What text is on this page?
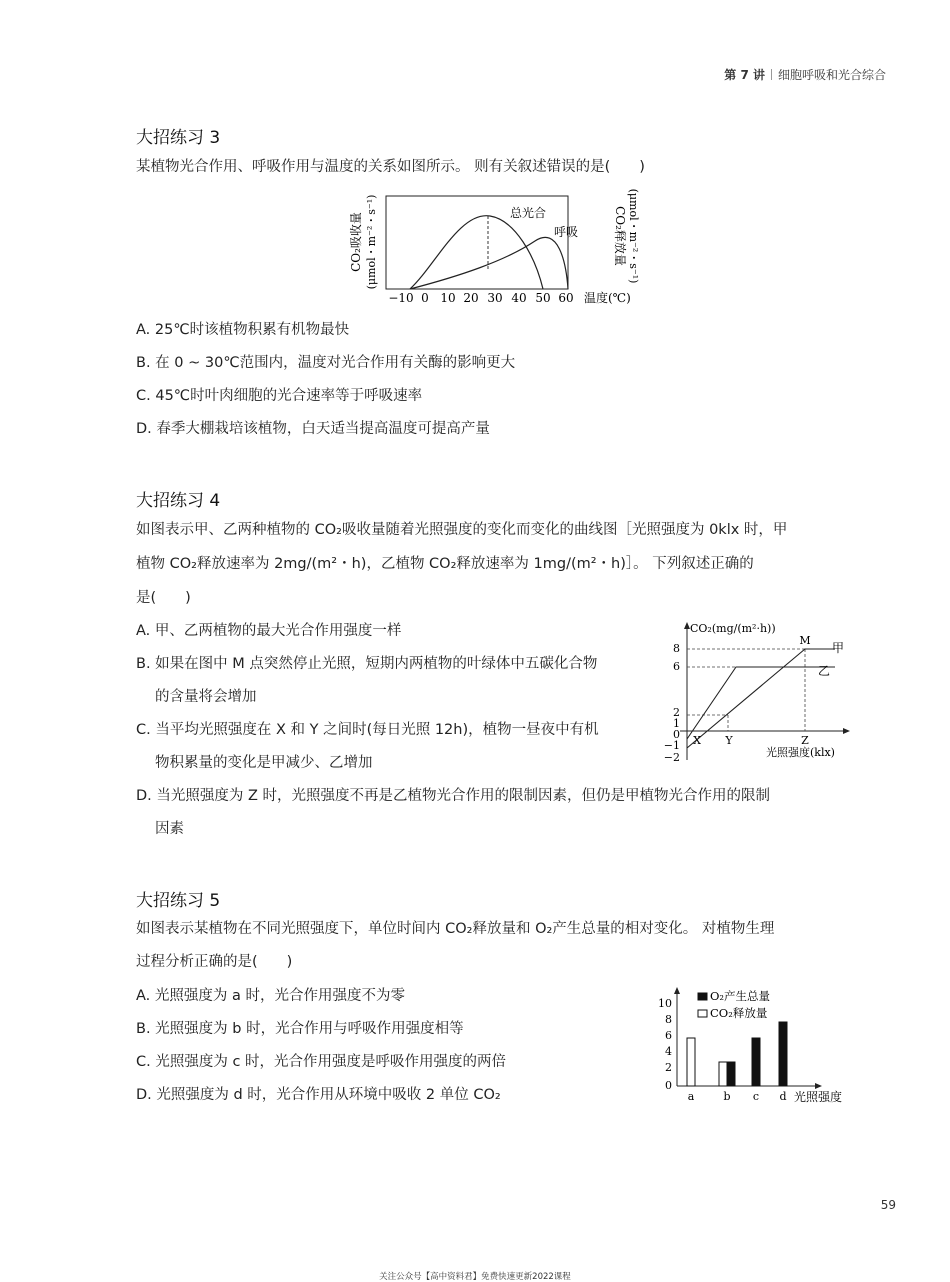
第 7 讲 细胞呼吸和光合综合
大招练习 3
某植物光合作用、呼吸作用与温度的关系如图所示。 则有关叙述错误的是(　　)
总光合
呼吸
−10 0 10 20 30 40 50 60 温度(℃)
CO₂吸收量 (μmol・m⁻²・s⁻¹)	CO₂释放量 (μmol・m⁻²・s⁻¹)
A. 25℃时该植物积累有机物最快
B. 在 0 ~ 30℃范围内，温度对光合作用有关酶的影响更大
C. 45℃时叶肉细胞的光合速率等于呼吸速率
D. 春季大棚栽培该植物，白天适当提高温度可提高产量
大招练习 4
如图表示甲、乙两种植物的 CO₂吸收量随着光照强度的变化而变化的曲线图［光照强度为 0klx 时，甲
植物 CO₂释放速率为 2mg/(m²・h)，乙植物 CO₂释放速率为 1mg/(m²・h)］。 下列叙述正确的
是(　　)
A. 甲、乙两植物的最大光合作用强度一样
B. 如果在图中 M 点突然停止光照，短期内两植物的叶绿体中五碳化合物
的含量将会增加
C. 当平均光照强度在 X 和 Y 之间时(每日光照 12h)，植物一昼夜中有机
物积累量的变化是甲减少、乙增加
D. 当光照强度为 Z 时，光照强度不再是乙植物光合作用的限制因素，但仍是甲植物光合作用的限制
因素
CO₂(mg/(m²·h))
8
6
2
1
0
−1
−2
X Y	Z
M
甲
乙
光照强度(klx)
大招练习 5
如图表示某植物在不同光照强度下，单位时间内 CO₂释放量和 O₂产生总量的相对变化。 对植物生理
过程分析正确的是(　　)
A. 光照强度为 a 时，光合作用强度不为零
B. 光照强度为 b 时，光合作用与呼吸作用强度相等
C. 光照强度为 c 时，光合作用强度是呼吸作用强度的两倍
D. 光照强度为 d 时，光合作用从环境中吸收 2 单位 CO₂
10
8
6
4
2
0
a	b c d
O₂产生总量
CO₂释放量
光照强度
59
关注公众号【高中资料君】免费快速更新2022课程
